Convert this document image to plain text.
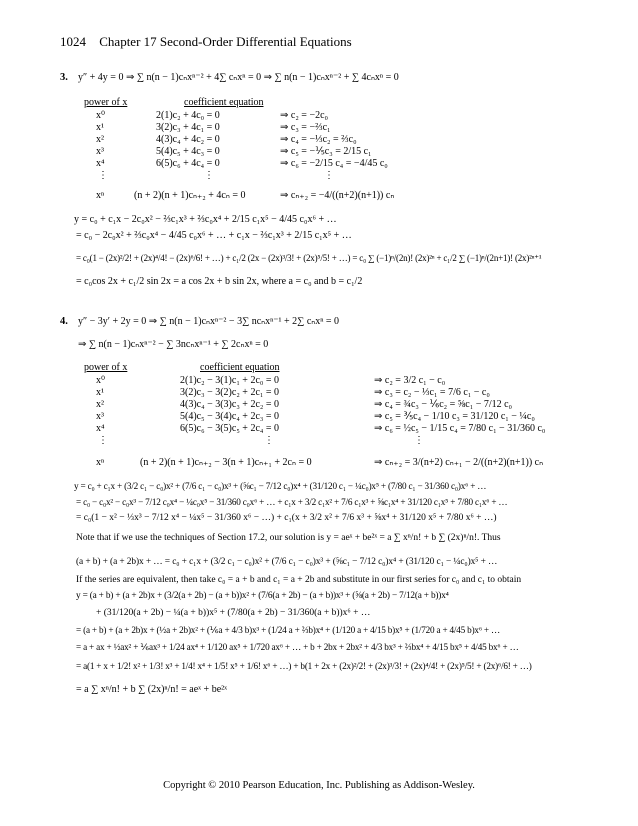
1024 Chapter 17 Second-Order Differential Equations
3. y″ + 4y = 0 ⇒ ∑ n(n − 1)cₙxⁿ⁻² + 4∑ cₙxⁿ = 0 ⇒ ∑ n(n − 1)cₙxⁿ⁻² + ∑ 4cₙxⁿ = 0
power of x	coefficient equation
x⁰	2(1)c₂ + 4c₀ = 0	⇒ c₂ = −2c₀
x¹	3(2)c₃ + 4c₁ = 0	⇒ c₃ = −⅔c₁
x²	4(3)c₄ + 4c₂ = 0	⇒ c₄ = −⅓c₂ = ⅔c₀
x³	5(4)c₅ + 4c₃ = 0	⇒ c₅ = −⅕c₃ = 2/15 c₁
x⁴	6(5)c₆ + 4c₄ = 0	⇒ c₆ = −2/15 c₄ = −4/45 c₀
⋮	⋮	⋮
xⁿ	(n + 2)(n + 1)cₙ₊₂ + 4cₙ = 0	⇒ cₙ₊₂ = −4/((n+2)(n+1)) cₙ
y = c₀ + c₁x − 2c₀x² − ⅔c₁x³ + ⅔c₀x⁴ + 2/15 c₁x⁵ − 4/45 c₀x⁶ + …
= c₀ − 2c₀x² + ⅔c₀x⁴ − 4/45 c₀x⁶ + … + c₁x − ⅔c₁x³ + 2/15 c₁x⁵ + …
= c₀(1 − (2x)²/2! + (2x)⁴/4! − (2x)⁶/6! + …) + c₁/2 (2x − (2x)³/3! + (2x)⁵/5! + …) = c₀ ∑ (−1)ⁿ/(2n)! (2x)²ⁿ + c₁/2 ∑ (−1)ⁿ/(2n+1)! (2x)²ⁿ⁺¹
= c₀cos 2x + c₁/2 sin 2x = a cos 2x + b sin 2x, where a = c₀ and b = c₁/2
4. y″ − 3y′ + 2y = 0 ⇒ ∑ n(n − 1)cₙxⁿ⁻² − 3∑ ncₙxⁿ⁻¹ + 2∑ cₙxⁿ = 0
⇒ ∑ n(n − 1)cₙxⁿ⁻² − ∑ 3ncₙxⁿ⁻¹ + ∑ 2cₙxⁿ = 0
power of x	coefficient equation
x⁰	2(1)c₂ − 3(1)c₁ + 2c₀ = 0	⇒ c₂ = 3/2 c₁ − c₀
x¹	3(2)c₃ − 3(2)c₂ + 2c₁ = 0	⇒ c₃ = c₂ − ⅓c₁ = 7/6 c₁ − c₀
x²	4(3)c₄ − 3(3)c₃ + 2c₂ = 0	⇒ c₄ = ¾c₃ − ⅙c₂ = ⅝c₁ − 7/12 c₀
x³	5(4)c₅ − 3(4)c₄ + 2c₃ = 0	⇒ c₅ = ⅗c₄ − 1/10 c₃ = 31/120 c₁ − ¼c₀
x⁴	6(5)c₆ − 3(5)c₅ + 2c₄ = 0	⇒ c₆ = ½c₅ − 1/15 c₄ = 7/80 c₁ − 31/360 c₀
⋮	⋮	⋮
xⁿ	(n + 2)(n + 1)cₙ₊₂ − 3(n + 1)cₙ₊₁ + 2cₙ = 0	⇒ cₙ₊₂ = 3/(n+2) cₙ₊₁ − 2/((n+2)(n+1)) cₙ
y = c₀ + c₁x + (3/2 c₁ − c₀)x² + (7/6 c₁ − c₀)x³ + (⅝c₁ − 7/12 c₀)x⁴ + (31/120 c₁ − ¼c₀)x⁵ + (7/80 c₁ − 31/360 c₀)x⁶ + …
= c₀ − c₀x² − c₀x³ − 7/12 c₀x⁴ − ¼c₀x⁵ − 31/360 c₀x⁶ + … + c₁x + 3/2 c₁x² + 7/6 c₁x³ + ⅝c₁x⁴ + 31/120 c₁x⁵ + 7/80 c₁x⁶ + …
= c₀(1 − x² − ⅓x³ − 7/12 x⁴ − ¼x⁵ − 31/360 x⁶ − …) + c₁(x + 3/2 x² + 7/6 x³ + ⅝x⁴ + 31/120 x⁵ + 7/80 x⁶ + …)
Note that if we use the techniques of Section 17.2, our solution is y = aeˣ + be²ˣ = a ∑ xⁿ/n! + b ∑ (2x)ⁿ/n!. Thus
(a + b) + (a + 2b)x + … = c₀ + c₁x + (3/2 c₁ − c₀)x² + (7/6 c₁ − c₀)x³ + (⅝c₁ − 7/12 c₀)x⁴ + (31/120 c₁ − ¼c₀)x⁵ + …
If the series are equivalent, then take c₀ = a + b and c₁ = a + 2b and substitute in our first series for c₀ and c₁ to obtain
y = (a + b) + (a + 2b)x + (3/2(a + 2b) − (a + b))x² + (7/6(a + 2b) − (a + b))x³ + (⅝(a + 2b) − 7/12(a + b))x⁴
+ (31/120(a + 2b) − ¼(a + b))x⁵ + (7/80(a + 2b) − 31/360(a + b))x⁶ + …
= (a + b) + (a + 2b)x + (½a + 2b)x² + (⅙a + 4/3 b)x³ + (1/24 a + ⅔b)x⁴ + (1/120 a + 4/15 b)x⁵ + (1/720 a + 4/45 b)x⁶ + …
= a + ax + ½ax² + ⅙ax³ + 1/24 ax⁴ + 1/120 ax⁵ + 1/720 ax⁶ + … + b + 2bx + 2bx² + 4/3 bx³ + ⅔bx⁴ + 4/15 bx⁵ + 4/45 bx⁶ + …
= a(1 + x + 1/2! x² + 1/3! x³ + 1/4! x⁴ + 1/5! x⁵ + 1/6! x⁶ + …) + b(1 + 2x + (2x)²/2! + (2x)³/3! + (2x)⁴/4! + (2x)⁵/5! + (2x)⁶/6! + …)
= a ∑ xⁿ/n! + b ∑ (2x)ⁿ/n! = aeˣ + be²ˣ
Copyright © 2010 Pearson Education, Inc. Publishing as Addison-Wesley.
